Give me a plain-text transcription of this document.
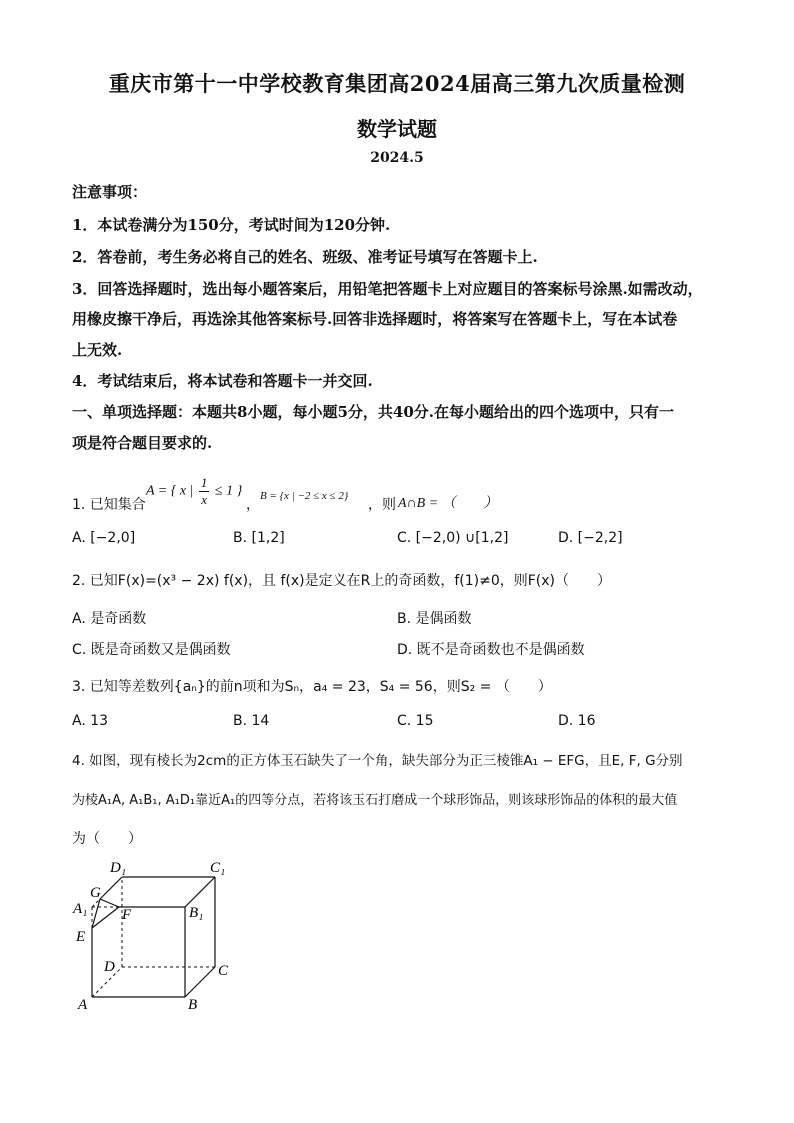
重庆市第十一中学校教育集团高2024届高三第九次质量检测
数学试题
2024.5
注意事项：
1．本试卷满分为150分，考试时间为120分钟.
2．答卷前，考生务必将自己的姓名、班级、准考证号填写在答题卡上.
3．回答选择题时，选出每小题答案后，用铅笔把答题卡上对应题目的答案标号涂黑.如需改动，
用橡皮擦干净后，再选涂其他答案标号.回答非选择题时，将答案写在答题卡上，写在本试卷
上无效.
4．考试结束后，将本试卷和答题卡一并交回.
一、单项选择题：本题共8小题，每小题5分，共40分.在每小题给出的四个选项中，只有一
项是符合题目要求的.
1. 已知集合
A = { x | $\frac{1}{x} \le 1$ }
，
B = {x | −2 ≤ x ≤ 2}
，则 A∩B = （　　）
A. [−2,0]	B. [1,2]	C. [−2,0) ∪[1,2]	D. [−2,2]
2. 已知F(x)=(x³ − 2x) f(x)，且 f(x)是定义在R上的奇函数，f(1)≠0，则F(x)（　　）
A. 是奇函数	B. 是偶函数
C. 既是奇函数又是偶函数	D. 既不是奇函数也不是偶函数
3. 已知等差数列{aₙ}的前n项和为Sₙ，a₄ = 23，S₄ = 56，则S₂ = （　　）
A. 13	B. 14	C. 15	D. 16
4. 如图，现有棱长为2cm的正方体玉石缺失了一个角，缺失部分为正三棱锥A₁ − EFG，且E, F, G分别
为棱A₁A, A₁B₁, A₁D₁靠近A₁的四等分点，若将该玉石打磨成一个球形饰品，则该球形饰品的体积的最大值
为（　　）
D₁	C₁
G
A₁ F	B₁
E
D	C
A	B
